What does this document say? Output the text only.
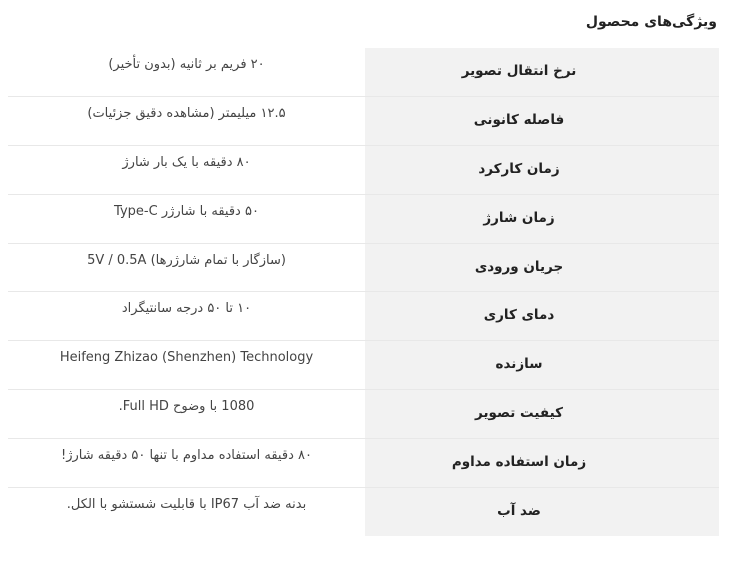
ویژگی‌های محصول
نرخ انتقال تصویر	۲۰ فریم بر ثانیه (بدون تأخیر)
فاصله کانونی	۱۲.۵ میلیمتر (مشاهده دقیق جزئیات)
زمان کارکرد	۸۰ دقیقه با یک بار شارژ
زمان شارژ	۵۰ دقیقه با شارژر Type-C
جریان ورودی	5V / 0.5A (سازگار با تمام شارژرها)
دمای کاری	۱۰ تا ۵۰ درجه سانتیگراد
سازنده	Heifeng Zhizao (Shenzhen) Technology
کیفیت تصویر	1080 با وضوح Full HD.
زمان استفاده مداوم	۸۰ دقیقه استفاده مداوم با تنها ۵۰ دقیقه شارژ!
ضد آب	بدنه ضد آب IP67 با قابلیت شستشو با الکل.
